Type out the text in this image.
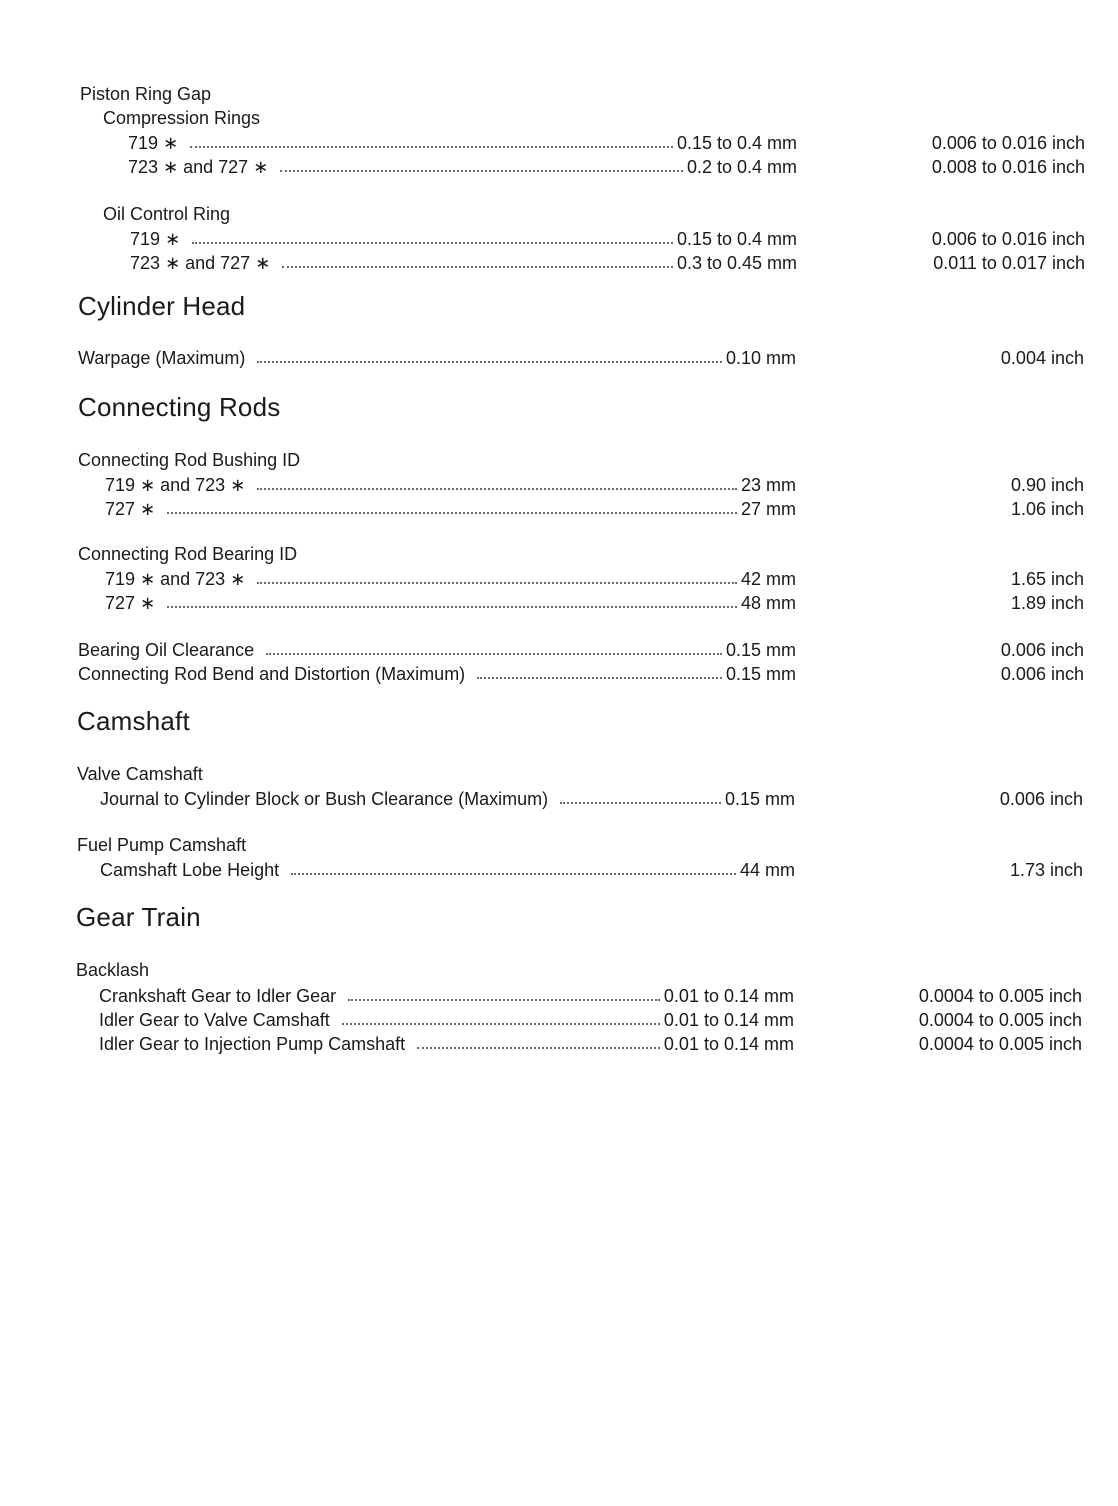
Piston Ring Gap
Compression Rings
719 ∗	0.15 to 0.4 mm	0.006 to 0.016 inch
723 ∗ and 727 ∗	0.2 to 0.4 mm	0.008 to 0.016 inch
Oil Control Ring
719 ∗	0.15 to 0.4 mm	0.006 to 0.016 inch
723 ∗ and 727 ∗	0.3 to 0.45 mm	0.011 to 0.017 inch
Cylinder Head
Warpage (Maximum)	0.10 mm	0.004 inch
Connecting Rods
Connecting Rod Bushing ID
719 ∗ and 723 ∗	23 mm	0.90 inch
727 ∗	27 mm	1.06 inch
Connecting Rod Bearing ID
719 ∗ and 723 ∗	42 mm	1.65 inch
727 ∗	48 mm	1.89 inch
Bearing Oil Clearance	0.15 mm	0.006 inch
Connecting Rod Bend and Distortion (Maximum)	0.15 mm	0.006 inch
Camshaft
Valve Camshaft
Journal to Cylinder Block or Bush Clearance (Maximum)	0.15 mm	0.006 inch
Fuel Pump Camshaft
Camshaft Lobe Height	44 mm	1.73 inch
Gear Train
Backlash
Crankshaft Gear to Idler Gear	0.01 to 0.14 mm	0.0004 to 0.005 inch
Idler Gear to Valve Camshaft	0.01 to 0.14 mm	0.0004 to 0.005 inch
Idler Gear to Injection Pump Camshaft	0.01 to 0.14 mm	0.0004 to 0.005 inch
